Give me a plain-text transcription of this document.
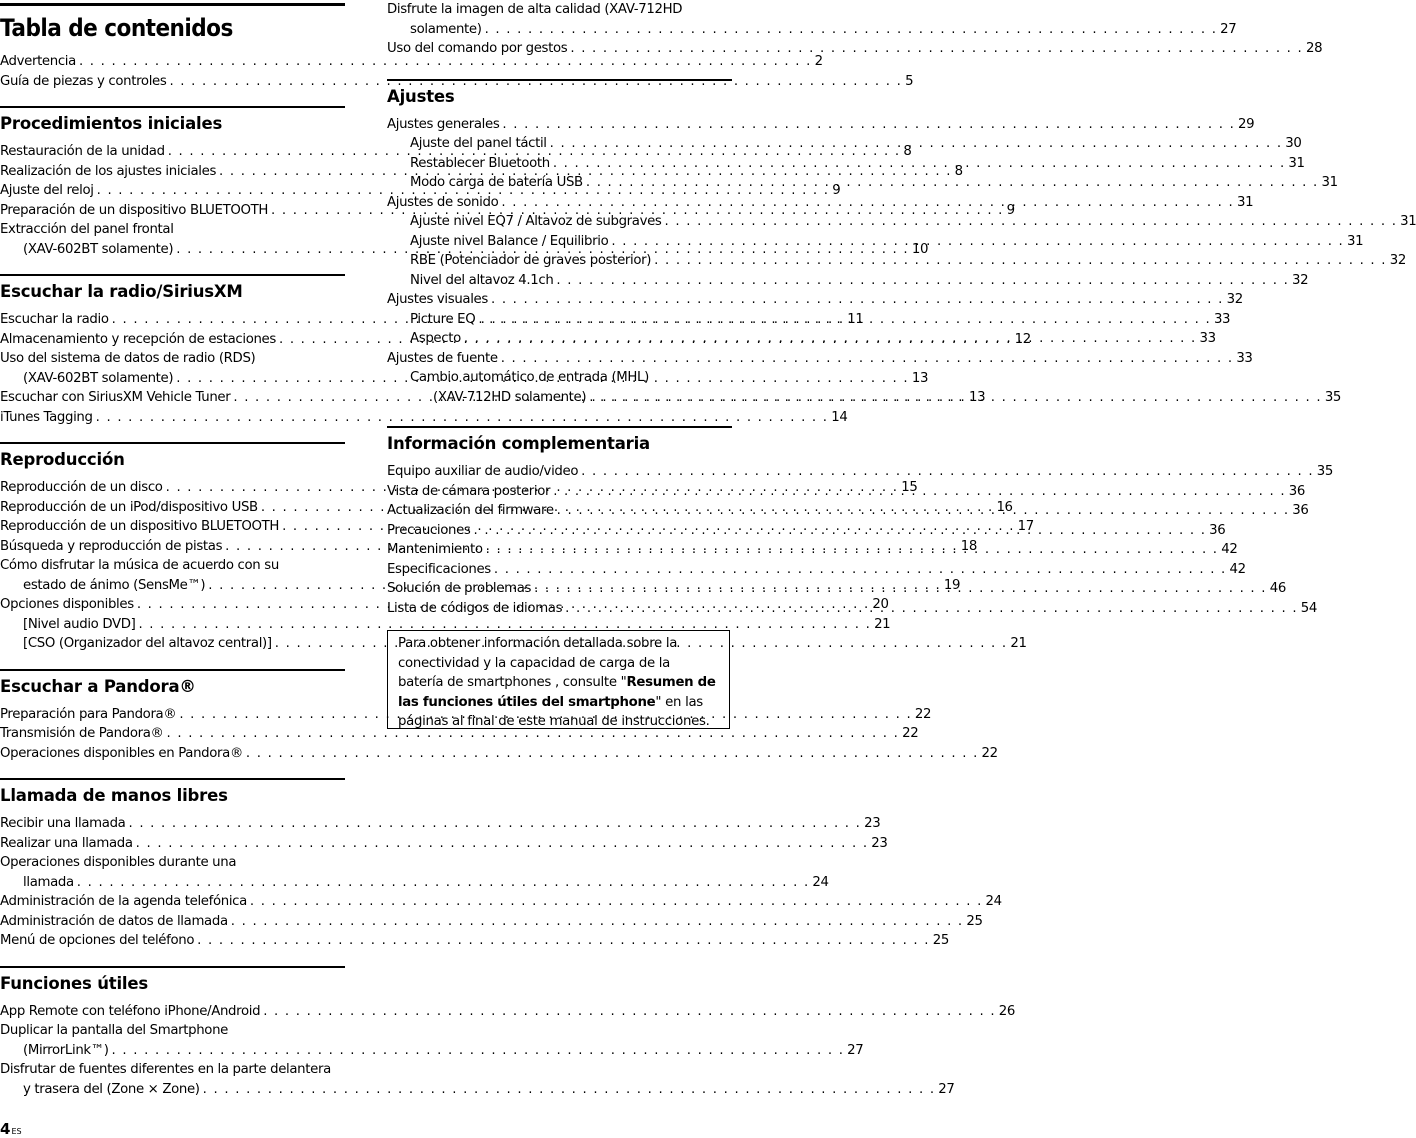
Tabla de contenidos
Advertencia . . .	2
Guía de piezas y controles . . .	5
Procedimientos iniciales
Restauración de la unidad . . .	8
Realización de los ajustes iniciales . . .	8
Ajuste del reloj . . .	9
Preparación de un dispositivo BLUETOOTH . . .	9
Extracción del panel frontal
(XAV-602BT solamente) . . .	10
Escuchar la radio/SiriusXM
Escuchar la radio . . .	11
Almacenamiento y recepción de estaciones . . .	12
Uso del sistema de datos de radio (RDS)
(XAV-602BT solamente) . . .	13
Escuchar con SiriusXM Vehicle Tuner . . .	13
iTunes Tagging . . .	14
Reproducción
Reproducción de un disco . . .	15
Reproducción de un iPod/dispositivo USB . . .	16
Reproducción de un dispositivo BLUETOOTH . . .	17
Búsqueda y reproducción de pistas . . .	18
Cómo disfrutar la música de acuerdo con su
estado de ánimo (SensMe™) . . .	19
Opciones disponibles . . .	20
[Nivel audio DVD] . . .	21
[CSO (Organizador del altavoz central)] . . .	21
Escuchar a Pandora®
Preparación para Pandora® . . .	22
Transmisión de Pandora® . . .	22
Operaciones disponibles en Pandora® . . .	22
Llamada de manos libres
Recibir una llamada . . .	23
Realizar una llamada . . .	23
Operaciones disponibles durante una
llamada . . .	24
Administración de la agenda telefónica . . .	24
Administración de datos de llamada . . .	25
Menú de opciones del teléfono . . .	25
Funciones útiles
App Remote con teléfono iPhone/Android . . .	26
Duplicar la pantalla del Smartphone
(MirrorLink™) . . .	27
Disfrutar de fuentes diferentes en la parte delantera
y trasera del (Zone × Zone) . . .	27
Disfrute la imagen de alta calidad (XAV-712HD
solamente) . . .	27
Uso del comando por gestos . . .	28
Ajustes
Ajustes generales . . .	29
Ajuste del panel táctil . . .	30
Restablecer Bluetooth . . .	31
Modo carga de batería USB . . .	31
Ajustes de sonido . . .	31
Ajuste nivel EQ7 / Altavoz de subgraves . . .	31
Ajuste nivel Balance / Equilibrio . . .	31
RBE (Potenciador de graves posterior) . . .	32
Nivel del altavoz 4.1ch . . .	32
Ajustes visuales . . .	32
Picture EQ . . .	33
Aspecto . . .	33
Ajustes de fuente . . .	33
Cambio automático de entrada (MHL)
(XAV-712HD solamente) . . .	35
Información complementaria
Equipo auxiliar de audio/video . . .	35
Vista de cámara posterior . . .	36
Actualización del firmware . . .	36
Precauciones . . .	36
Mantenimiento . . .	42
Especificaciones . . .	42
Solución de problemas . . .	46
Lista de códigos de idiomas . . .	54
Para obtener información detallada sobre la conectividad y la capacidad de carga de la batería de smartphones , consulte "Resumen de las funciones útiles del smartphone" en las páginas al final de este manual de instrucciones.
4ES
